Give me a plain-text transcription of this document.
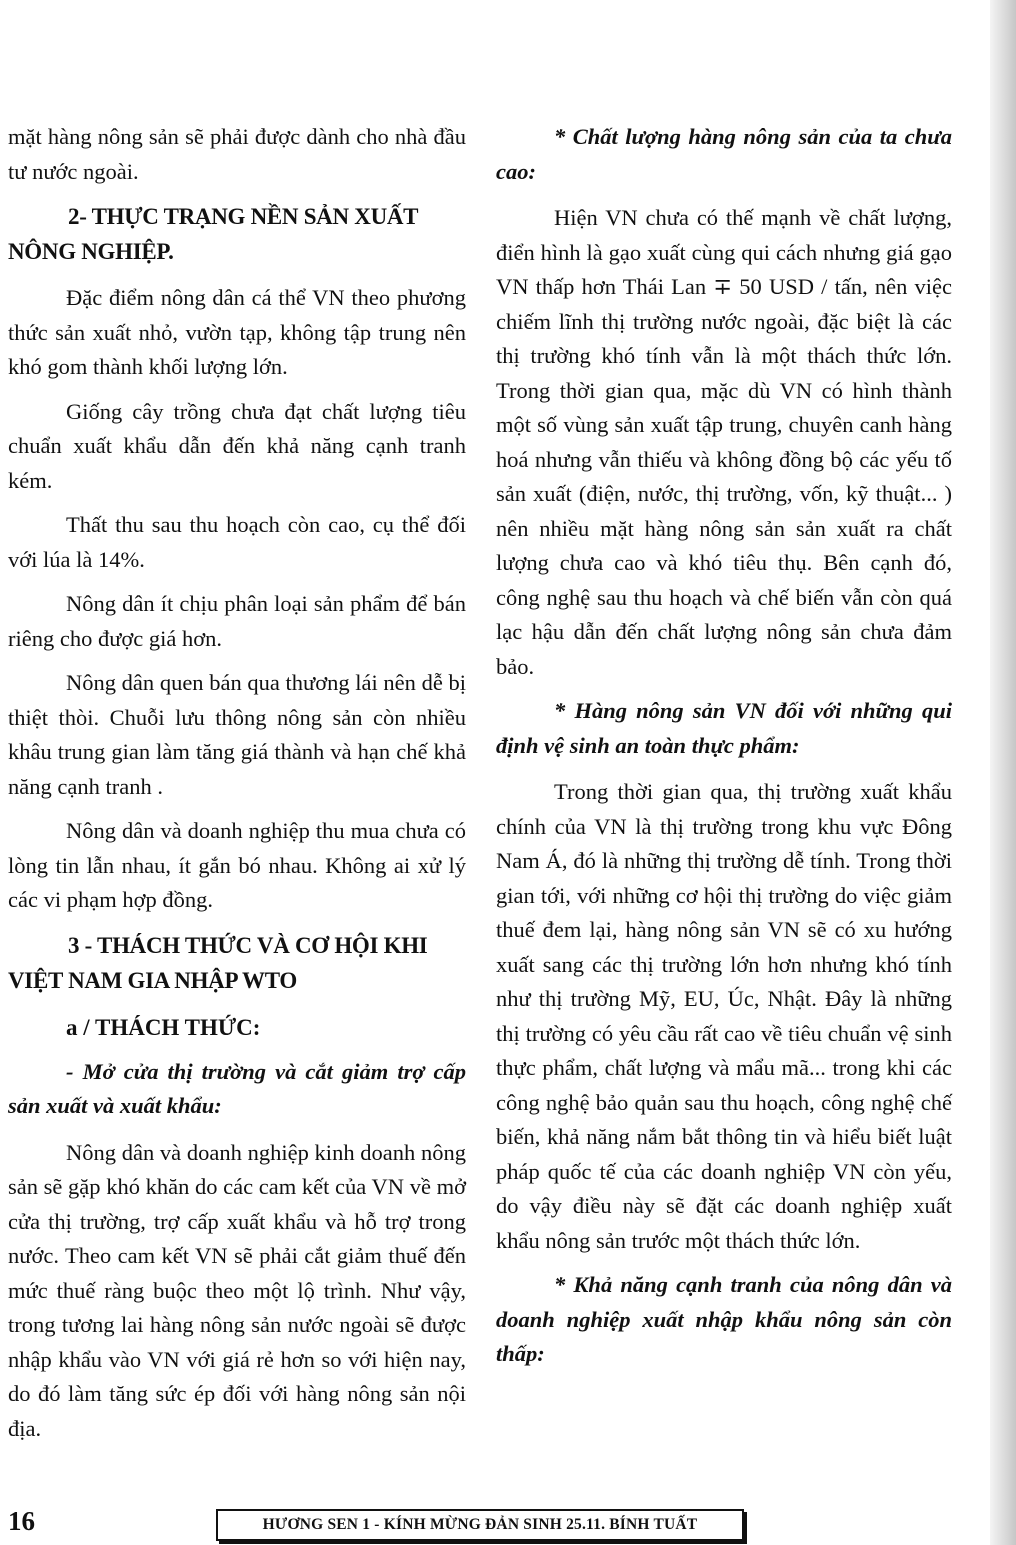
mặt hàng nông sản sẽ phải được dành cho nhà đầu tư nước ngoài.

2- THỰC TRẠNG NỀN SẢN XUẤT NÔNG NGHIỆP.

Đặc điểm nông dân cá thể VN theo phương thức sản xuất nhỏ, vườn tạp, không tập trung nên khó gom thành khối lượng lớn.

Giống cây trồng chưa đạt chất lượng tiêu chuẩn xuất khẩu dẫn đến khả năng cạnh tranh kém.

Thất thu sau thu hoạch còn cao, cụ thể đối với lúa là 14%.

Nông dân ít chịu phân loại sản phẩm để bán riêng cho được giá hơn.

Nông dân quen bán qua thương lái nên dễ bị thiệt thòi. Chuỗi lưu thông nông sản còn nhiều khâu trung gian làm tăng giá thành và hạn chế khả năng cạnh tranh .

Nông dân và doanh nghiệp thu mua chưa có lòng tin lẫn nhau, ít gắn bó nhau. Không ai xử lý các vi phạm hợp đồng.

3 - THÁCH THỨC VÀ CƠ HỘI KHI VIỆT NAM GIA NHẬP WTO
a / THÁCH THỨC:

- Mở cửa thị trường và cắt giảm trợ cấp sản xuất và xuất khẩu:

Nông dân và doanh nghiệp kinh doanh nông sản sẽ gặp khó khăn do các cam kết của VN về mở cửa thị trường, trợ cấp xuất khẩu và hỗ trợ trong nước. Theo cam kết VN sẽ phải cắt giảm thuế đến mức thuế ràng buộc theo một lộ trình. Như vậy, trong tương lai hàng nông sản nước ngoài sẽ được nhập khẩu vào VN với giá rẻ hơn so với hiện nay, do đó làm tăng sức ép đối với hàng nông sản nội địa.

* Chất lượng hàng nông sản của ta chưa cao:

Hiện VN chưa có thế mạnh về chất lượng, điển hình là gạo xuất cùng qui cách nhưng giá gạo VN thấp hơn Thái Lan ∓ 50 USD / tấn, nên việc chiếm lĩnh thị trường nước ngoài, đặc biệt là các thị trường khó tính vẫn là một thách thức lớn. Trong thời gian qua, mặc dù VN có hình thành một số vùng sản xuất tập trung, chuyên canh hàng hoá nhưng vẫn thiếu và không đồng bộ các yếu tố sản xuất (điện, nước, thị trường, vốn, kỹ thuật... ) nên nhiều mặt hàng nông sản sản xuất ra chất lượng chưa cao và khó tiêu thụ. Bên cạnh đó, công nghệ sau thu hoạch và chế biến vẫn còn quá lạc hậu dẫn đến chất lượng nông sản chưa đảm bảo.

* Hàng nông sản VN đối với những qui định vệ sinh an toàn thực phẩm:

Trong thời gian qua, thị trường xuất khẩu chính của VN là thị trường trong khu vực Đông Nam Á, đó là những thị trường dễ tính. Trong thời gian tới, với những cơ hội thị trường do việc giảm thuế đem lại, hàng nông sản VN sẽ có xu hướng xuất sang các thị trường lớn hơn nhưng khó tính như thị trường Mỹ, EU, Úc, Nhật. Đây là những thị trường có yêu cầu rất cao về tiêu chuẩn vệ sinh thực phẩm, chất lượng và mẩu mã... trong khi các công nghệ bảo quản sau thu hoạch, công nghệ chế biến, khả năng nắm bắt thông tin và hiểu biết luật pháp quốc tế của các doanh nghiệp VN còn yếu, do vậy điều này sẽ đặt các doanh nghiệp xuất khẩu nông sản trước một thách thức lớn.

* Khả năng cạnh tranh của nông dân và doanh nghiệp xuất nhập khẩu nông sản còn thấp:

16	HƯƠNG SEN 1 - KÍNH MỪNG ĐẢN SINH 25.11. BÍNH TUẤT
